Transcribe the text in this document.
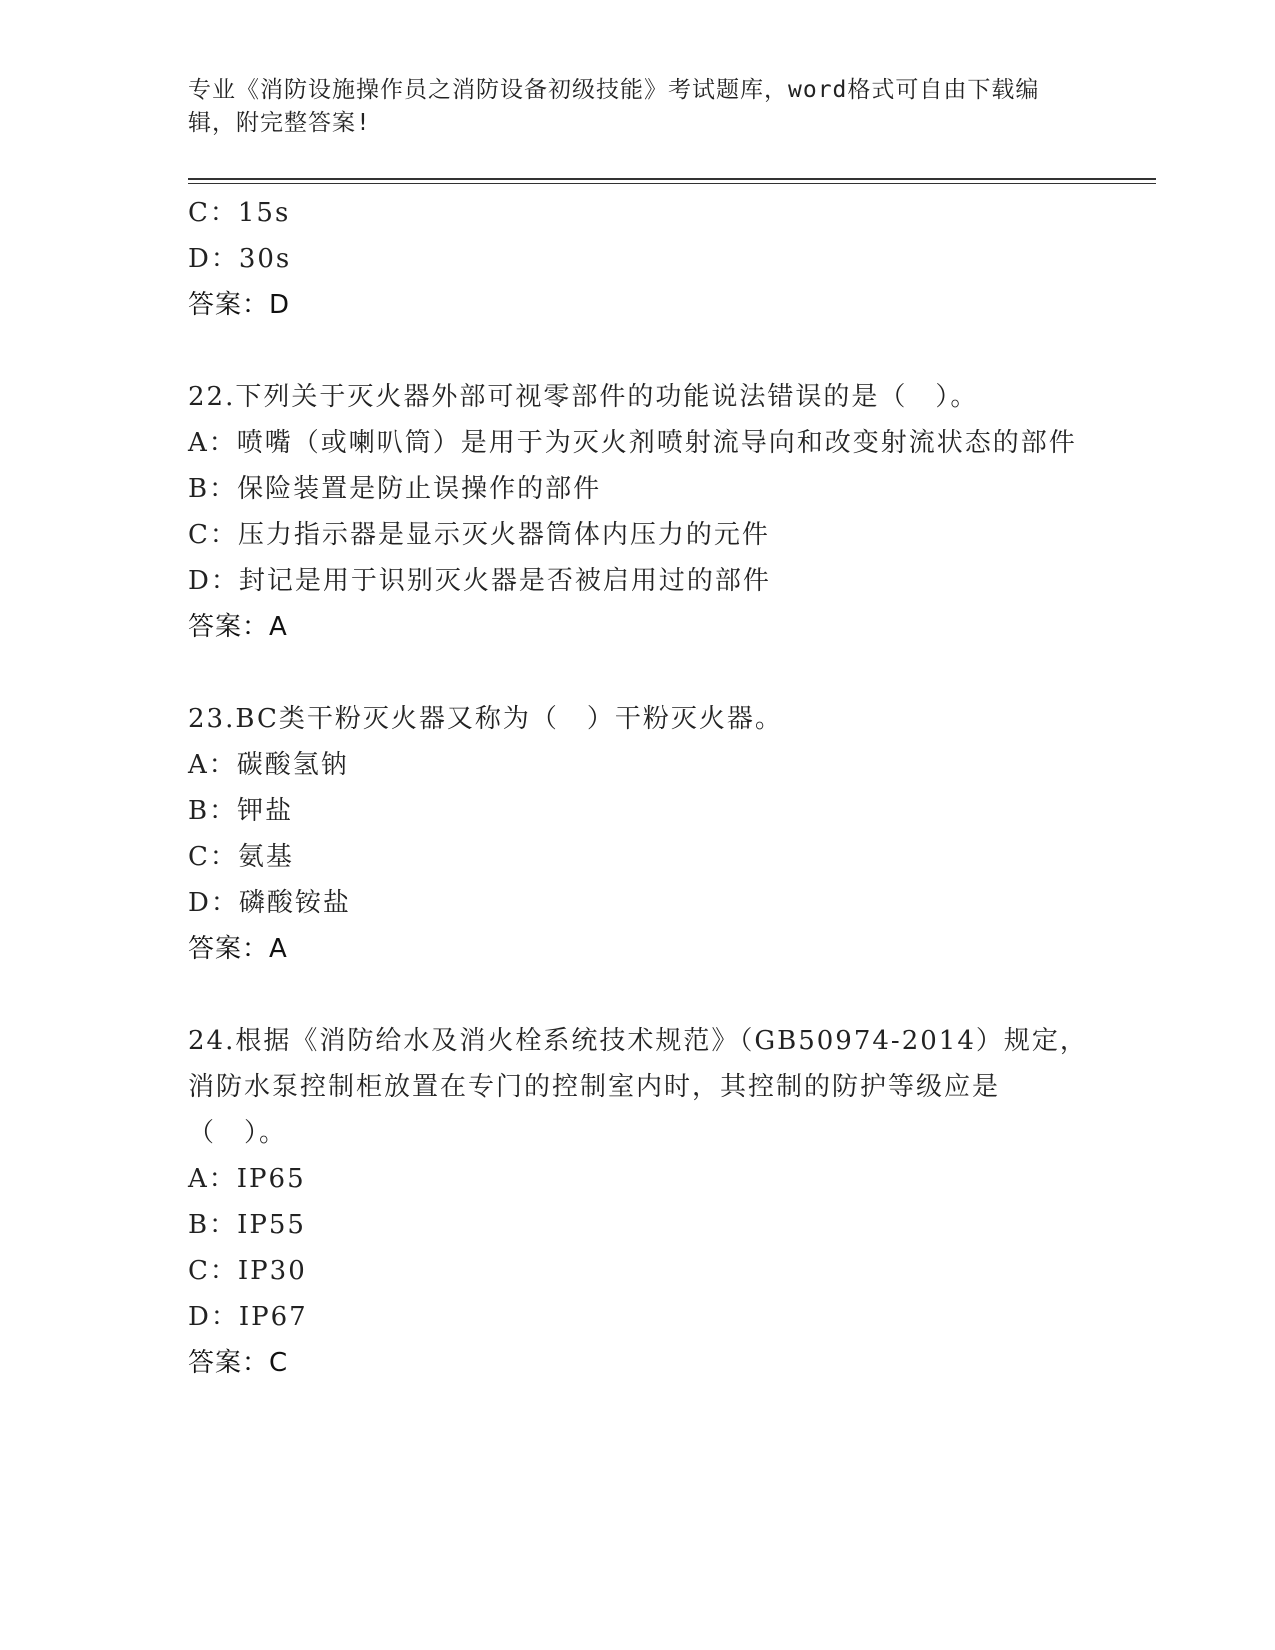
专业《消防设施操作员之消防设备初级技能》考试题库，word格式可自由下载编辑，附完整答案!
C：15s
D：30s
答案：D
22.下列关于灭火器外部可视零部件的功能说法错误的是（　）。
A：喷嘴（或喇叭筒）是用于为灭火剂喷射流导向和改变射流状态的部件
B：保险装置是防止误操作的部件
C：压力指示器是显示灭火器筒体内压力的元件
D：封记是用于识别灭火器是否被启用过的部件
答案：A
23.BC类干粉灭火器又称为（　）干粉灭火器。
A：碳酸氢钠
B：钾盐
C：氨基
D：磷酸铵盐
答案：A
24.根据《消防给水及消火栓系统技术规范》（GB50974-2014）规定，消防水泵控制柜放置在专门的控制室内时，其控制的防护等级应是（　）。
A：IP65
B：IP55
C：IP30
D：IP67
答案：C
